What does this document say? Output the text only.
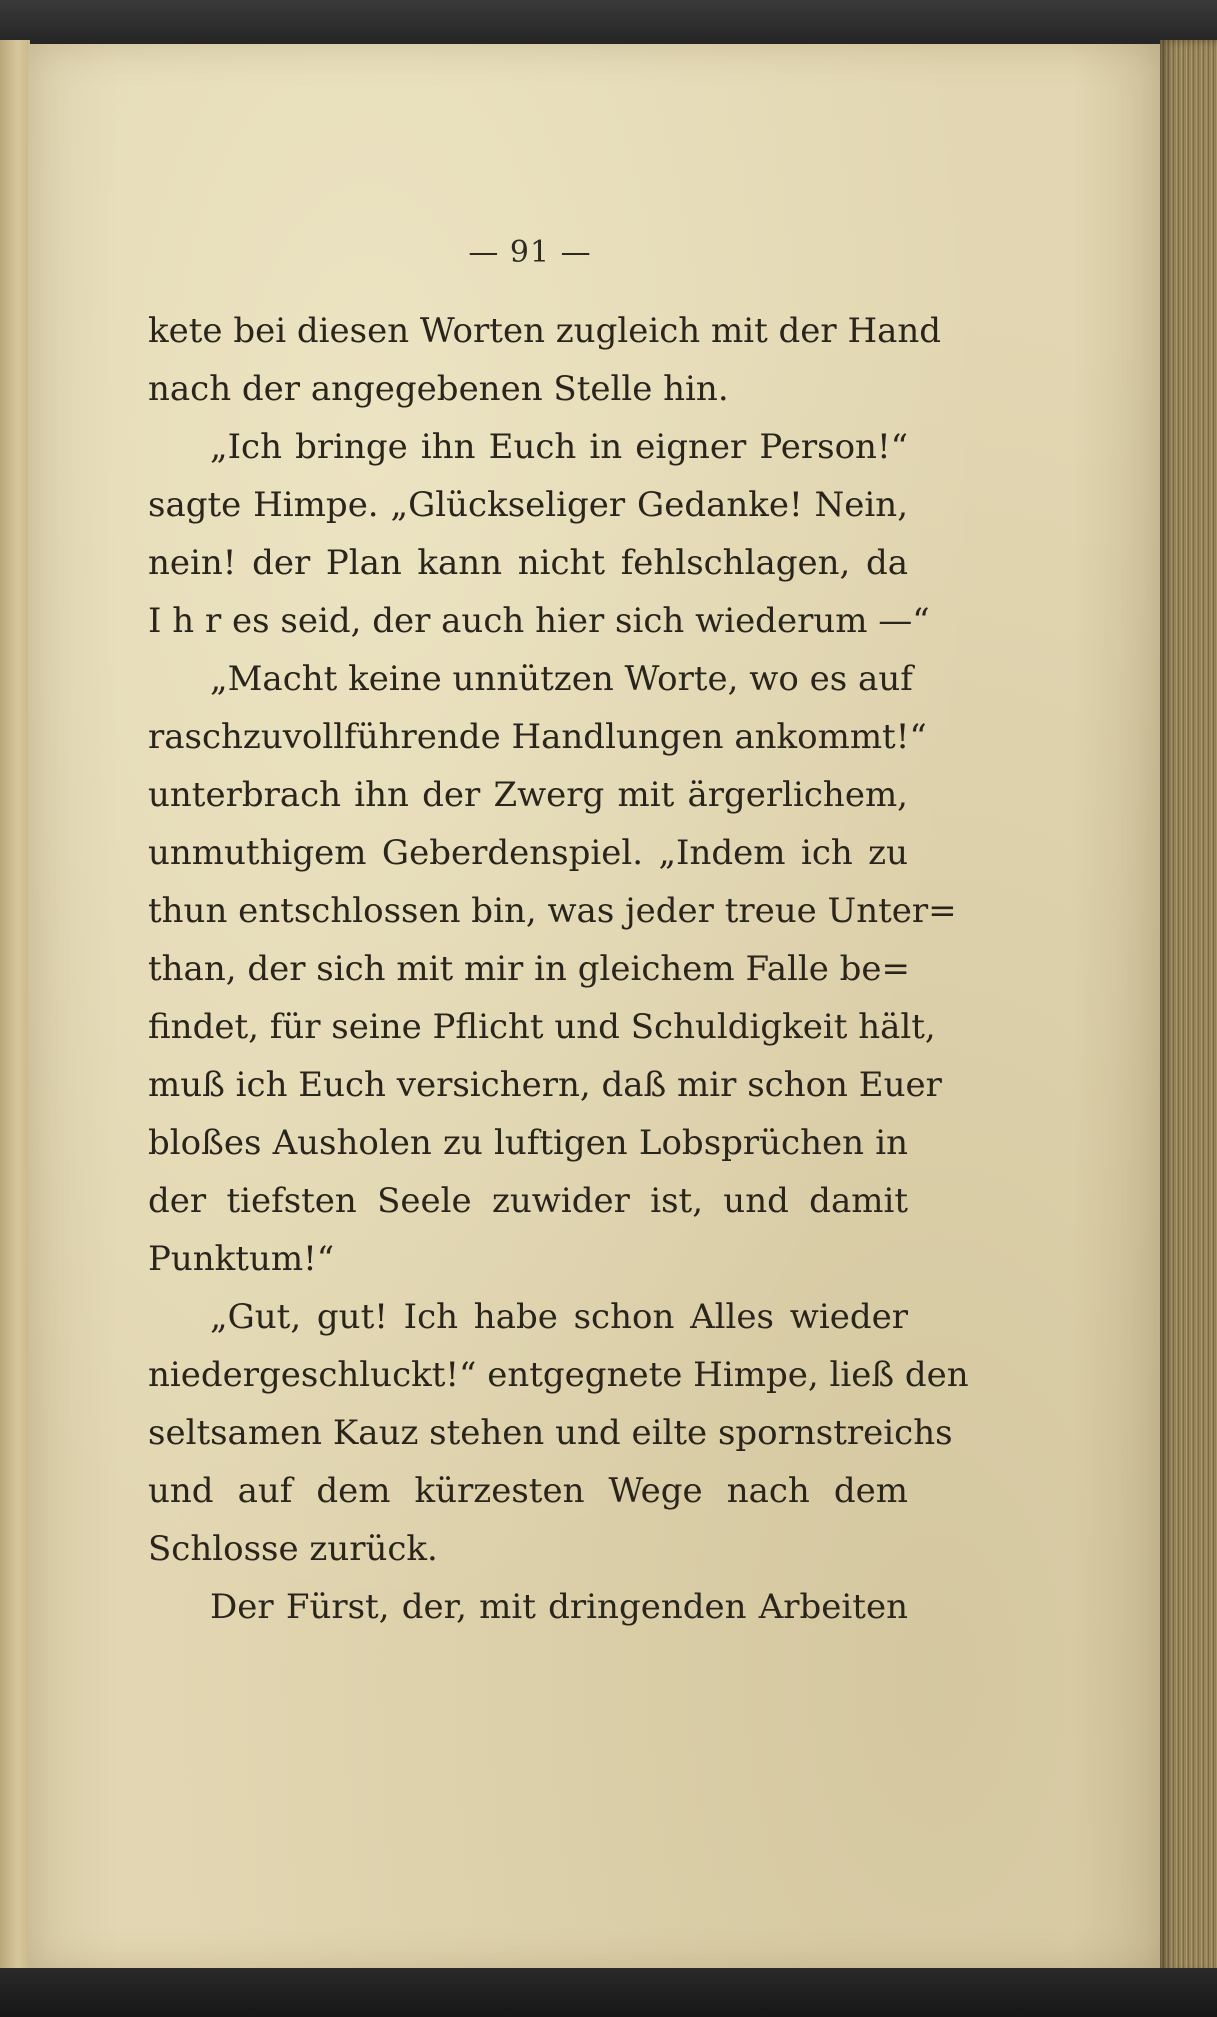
— 91 —
kete bei diesen Worten zugleich mit der Hand
nach der angegebenen Stelle hin.
„Ich bringe ihn Euch in eigner Person!“
sagte Himpe. „Glückseliger Gedanke! Nein,
nein! der Plan kann nicht fehlschlagen, da
I h r es seid, der auch hier sich wiederum —“
„Macht keine unnützen Worte, wo es auf
raschzuvollführende Handlungen ankommt!“
unterbrach ihn der Zwerg mit ärgerlichem,
unmuthigem Geberdenspiel. „Indem ich zu
thun entschlossen bin, was jeder treue Unter=
than, der sich mit mir in gleichem Falle be=
findet, für seine Pflicht und Schuldigkeit hält,
muß ich Euch versichern, daß mir schon Euer
bloßes Ausholen zu luftigen Lobsprüchen in
der tiefsten Seele zuwider ist, und damit
Punktum!“
„Gut, gut! Ich habe schon Alles wieder
niedergeschluckt!“ entgegnete Himpe, ließ den
seltsamen Kauz stehen und eilte spornstreichs
und auf dem kürzesten Wege nach dem
Schlosse zurück.
Der Fürst, der, mit dringenden Arbeiten
